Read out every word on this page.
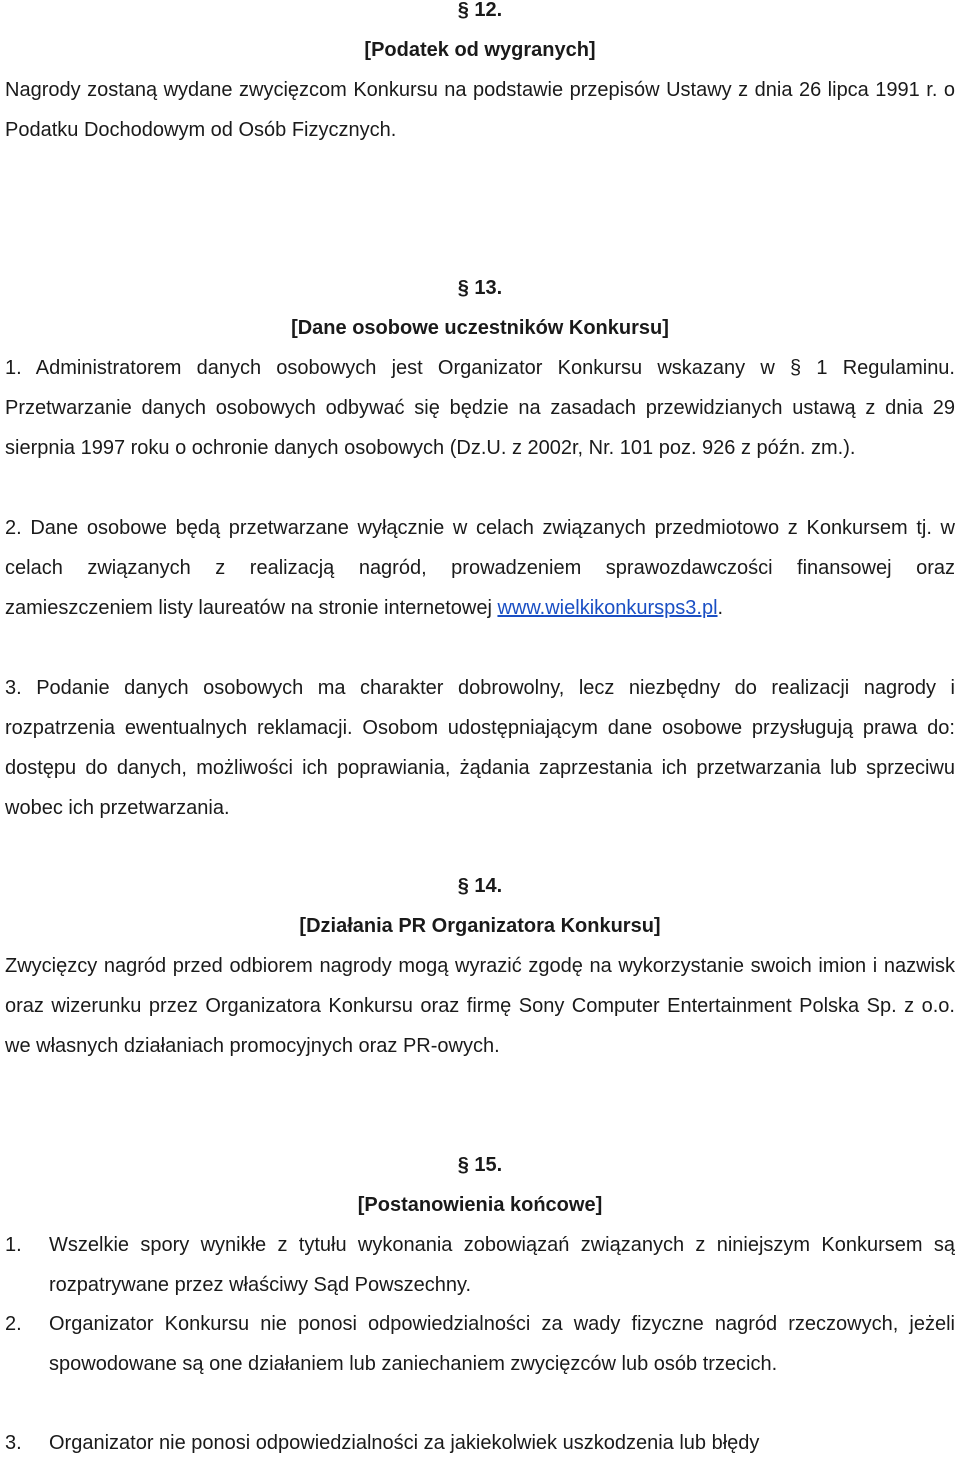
§ 12.
[Podatek od wygranych]

Nagrody zostaną wydane zwycięzcom Konkursu na podstawie przepisów Ustawy z dnia 26 lipca 1991 r. o Podatku Dochodowym od Osób Fizycznych.

§ 13.
[Dane osobowe uczestników Konkursu]

1. Administratorem danych osobowych jest Organizator Konkursu wskazany w § 1 Regulaminu. Przetwarzanie danych osobowych odbywać się będzie na zasadach przewidzianych ustawą z dnia 29 sierpnia 1997 roku o ochronie danych osobowych (Dz.U. z 2002r, Nr. 101 poz. 926 z późn. zm.).

2. Dane osobowe będą przetwarzane wyłącznie w celach związanych przedmiotowo z Konkursem tj. w celach związanych z realizacją nagród, prowadzeniem sprawozdawczości finansowej oraz zamieszczeniem listy laureatów na stronie internetowej www.wielkikonkursps3.pl.

3. Podanie danych osobowych ma charakter dobrowolny, lecz niezbędny do realizacji nagrody i rozpatrzenia ewentualnych reklamacji. Osobom udostępniającym dane osobowe przysługują prawa do: dostępu do danych, możliwości ich poprawiania, żądania zaprzestania ich przetwarzania lub sprzeciwu wobec ich przetwarzania.

§ 14.
[Działania PR Organizatora Konkursu]

Zwycięzcy nagród przed odbiorem nagrody mogą wyrazić zgodę na wykorzystanie swoich imion i nazwisk oraz wizerunku przez Organizatora Konkursu oraz firmę Sony Computer Entertainment Polska Sp. z o.o. we własnych działaniach promocyjnych oraz PR-owych.

§ 15.
[Postanowienia końcowe]
1.	Wszelkie spory wynikłe z tytułu wykonania zobowiązań związanych z niniejszym Konkursem są rozpatrywane przez właściwy Sąd Powszechny.
2.	Organizator Konkursu nie ponosi odpowiedzialności za wady fizyczne nagród rzeczowych, jeżeli spowodowane są one działaniem lub zaniechaniem zwycięzców lub osób trzecich.
3.	Organizator nie ponosi odpowiedzialności za jakiekolwiek uszkodzenia lub błędy
